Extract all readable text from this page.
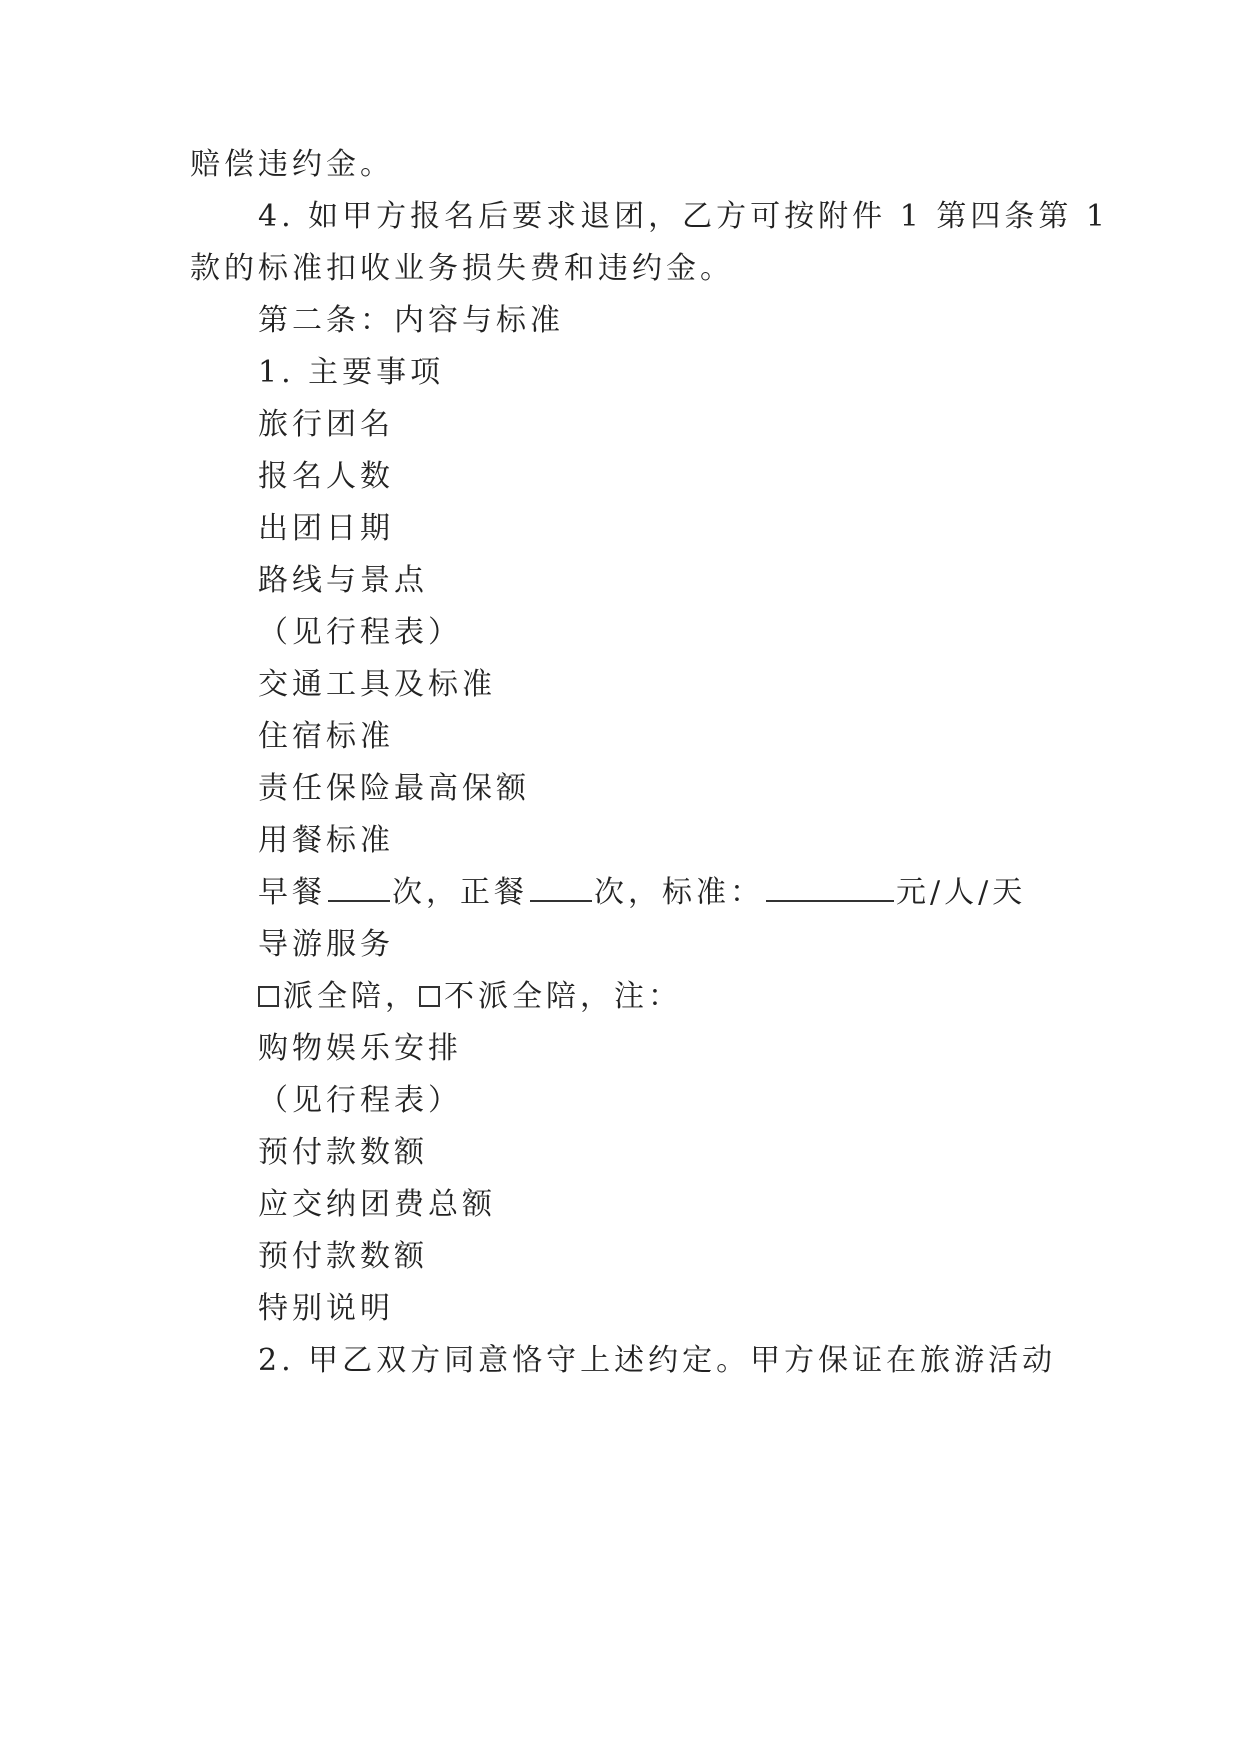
赔偿违约金。
4. 如甲方报名后要求退团，乙方可按附件 1 第四条第 1
款的标准扣收业务损失费和违约金。
第二条：内容与标准
1. 主要事项
旅行团名
报名人数
出团日期
路线与景点
（见行程表）
交通工具及标准
住宿标准
责任保险最高保额
用餐标准
早餐 次，正餐 次，标准：	元/人/天
导游服务
派全陪， 不派全陪，注：
购物娱乐安排
（见行程表）
预付款数额
应交纳团费总额
预付款数额
特别说明
2. 甲乙双方同意恪守上述约定。甲方保证在旅游活动
